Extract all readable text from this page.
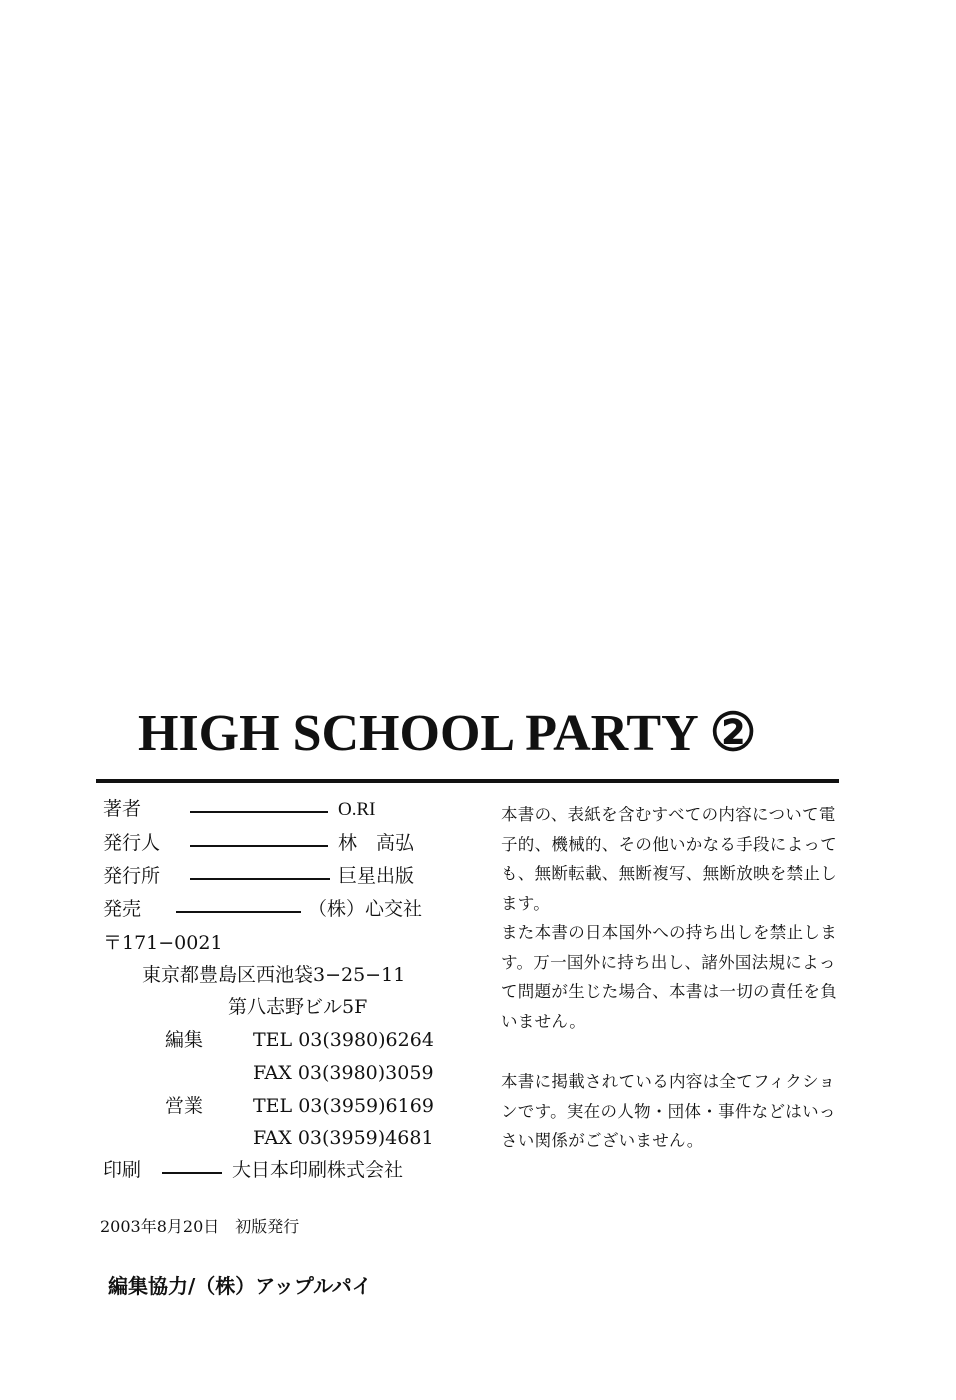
HIGH SCHOOL PARTY ②
著者	O.RI
発行人	林　高弘
発行所	巨星出版
発売	（株）心交社
〒171−0021
東京都豊島区西池袋3−25−11
第八志野ビル5F
編集	TEL 03(3980)6264
FAX 03(3980)3059
営業	TEL 03(3959)6169
FAX 03(3959)4681
印刷	大日本印刷株式会社
2003年8月20日　初版発行
編集協力/（株）アップルパイ

本書の、表紙を含むすべての内容について電

子的、機械的、その他いかなる手段によって

も、無断転載、無断複写、無断放映を禁止し

ます。

また本書の日本国外への持ち出しを禁止しま

す。万一国外に持ち出し、諸外国法規によっ

て問題が生じた場合、本書は一切の責任を負

いません。

本書に掲載されている内容は全てフィクショ

ンです。実在の人物・団体・事件などはいっ

さい関係がございません。
